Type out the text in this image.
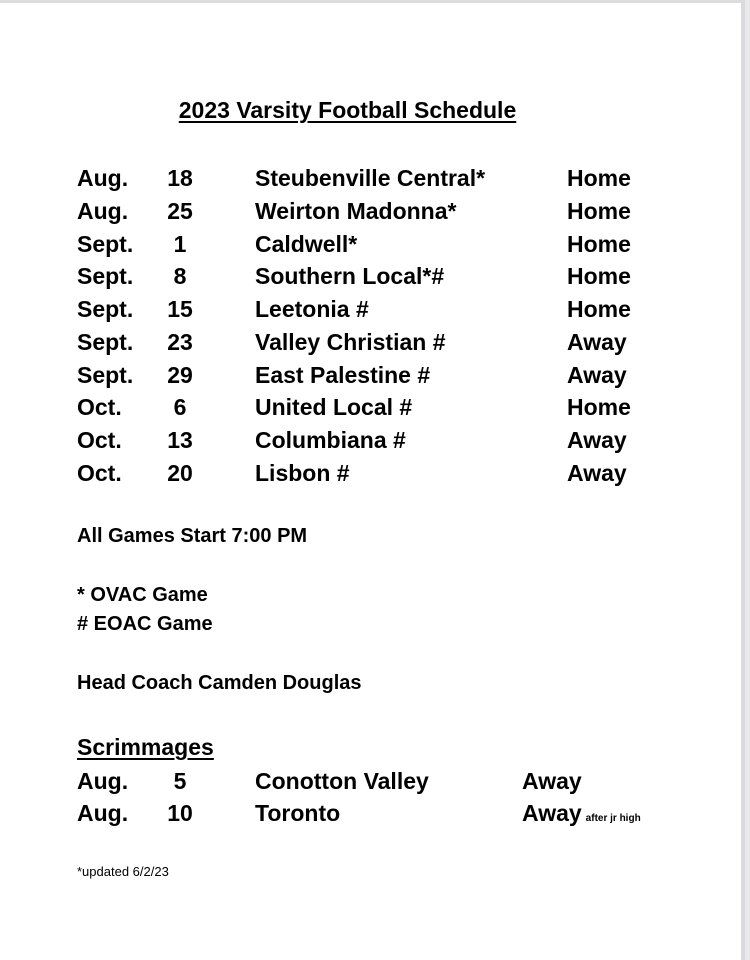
2023 Varsity Football Schedule
Aug. 18	Steubenville Central*	Home
Aug. 25	Weirton Madonna*	Home
Sept.	1	Caldwell*	Home
Sept.	8	Southern Local*#	Home
Sept. 15	Leetonia #	Home
Sept. 23	Valley Christian #	Away
Sept. 29	East Palestine #	Away
Oct.	6	United Local #	Home
Oct. 13	Columbiana #	Away
Oct. 20	Lisbon #	Away
All Games Start 7:00 PM
* OVAC Game
# EOAC Game
Head Coach Camden Douglas
Scrimmages
Aug.	5	Conotton Valley	Away
Aug. 10	Toronto	Away after jr high
*updated 6/2/23
